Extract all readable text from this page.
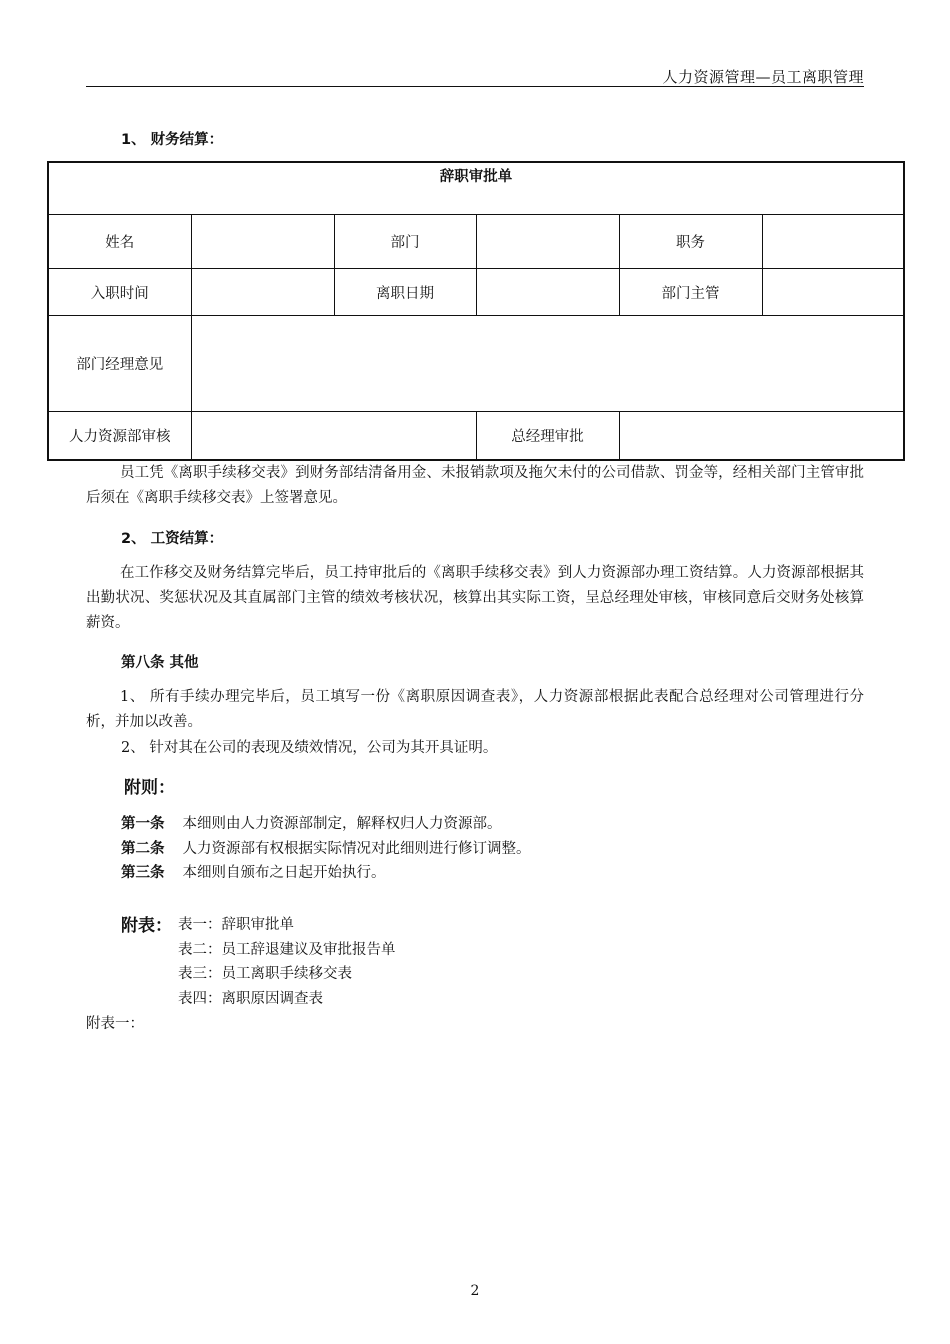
人力资源管理—员工离职管理
1、 财务结算：
辞职审批单					
姓名		部门		职务	
入职时间		离职日期		部门主管	
部门经理意见					
人力资源部审核			总经理审批		
员工凭《离职手续移交表》到财务部结清备用金、未报销款项及拖欠未付的公司借款、罚金等，经相关部门主管审批后须在《离职手续移交表》上签署意见。
2、 工资结算：
在工作移交及财务结算完毕后，员工持审批后的《离职手续移交表》到人力资源部办理工资结算。人力资源部根据其出勤状况、奖惩状况及其直属部门主管的绩效考核状况，核算出其实际工资，呈总经理处审核，审核同意后交财务处核算薪资。
第八条 其他
1、 所有手续办理完毕后，员工填写一份《离职原因调查表》，人力资源部根据此表配合总经理对公司管理进行分析，并加以改善。
2、 针对其在公司的表现及绩效情况，公司为其开具证明。
附则：
第一条 本细则由人力资源部制定，解释权归人力资源部。
第二条 人力资源部有权根据实际情况对此细则进行修订调整。
第三条 本细则自颁布之日起开始执行。
附表： 表一：辞职审批单
表二：员工辞退建议及审批报告单
表三：员工离职手续移交表
表四：离职原因调查表
附表一：
2
